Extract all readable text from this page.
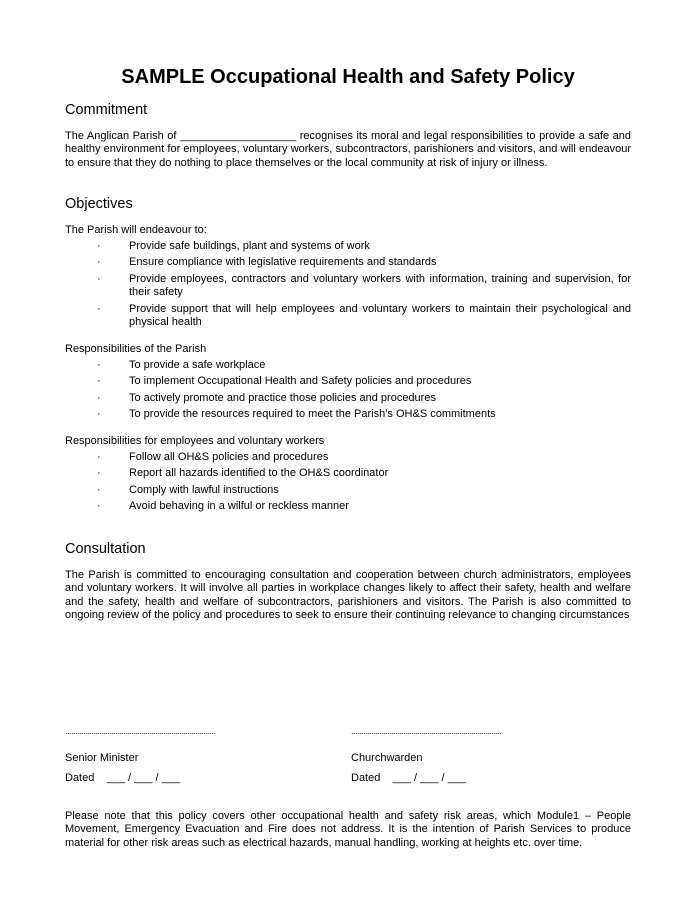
SAMPLE Occupational Health and Safety Policy
Commitment
The Anglican Parish of ___________________ recognises its moral and legal responsibilities to provide a safe and healthy environment for employees, voluntary workers, subcontractors, parishioners and visitors, and will endeavour to ensure that they do nothing to place themselves or the local community at risk of injury or illness.
Objectives
The Parish will endeavour to:
·	Provide safe buildings, plant and systems of work
·	Ensure compliance with legislative requirements and standards
·	Provide employees, contractors and voluntary workers with information, training and supervision, for their safety
·	Provide support that will help employees and voluntary workers to maintain their psychological and physical health
Responsibilities of the Parish
·	To provide a safe workplace
·	To implement Occupational Health and Safety policies and procedures
·	To actively promote and practice those policies and procedures
·	To provide the resources required to meet the Parish’s OH&S commitments
Responsibilities for employees and voluntary workers
·	Follow all OH&S policies and procedures
·	Report all hazards identified to the OH&S coordinator
·	Comply with lawful instructions
·	Avoid behaving in a wilful or reckless manner
Consultation
The Parish is committed to encouraging consultation and cooperation between church administrators, employees and voluntary workers. It will involve all parties in workplace changes likely to affect their safety, health and welfare and the safety, health and welfare of subcontractors, parishioners and visitors. The Parish is also committed to ongoing review of the policy and procedures to seek to ensure their continuing relevance to changing circumstances
...........................................................................	...........................................................................
Senior Minister
Dated    ___ / ___ / ___
Churchwarden
Dated    ___ / ___ / ___
Please note that this policy covers other occupational health and safety risk areas, which Module1 – People Movement, Emergency Evacuation and Fire does not address. It is the intention of Parish Services to produce material for other risk areas such as electrical hazards, manual handling, working at heights etc. over time.
